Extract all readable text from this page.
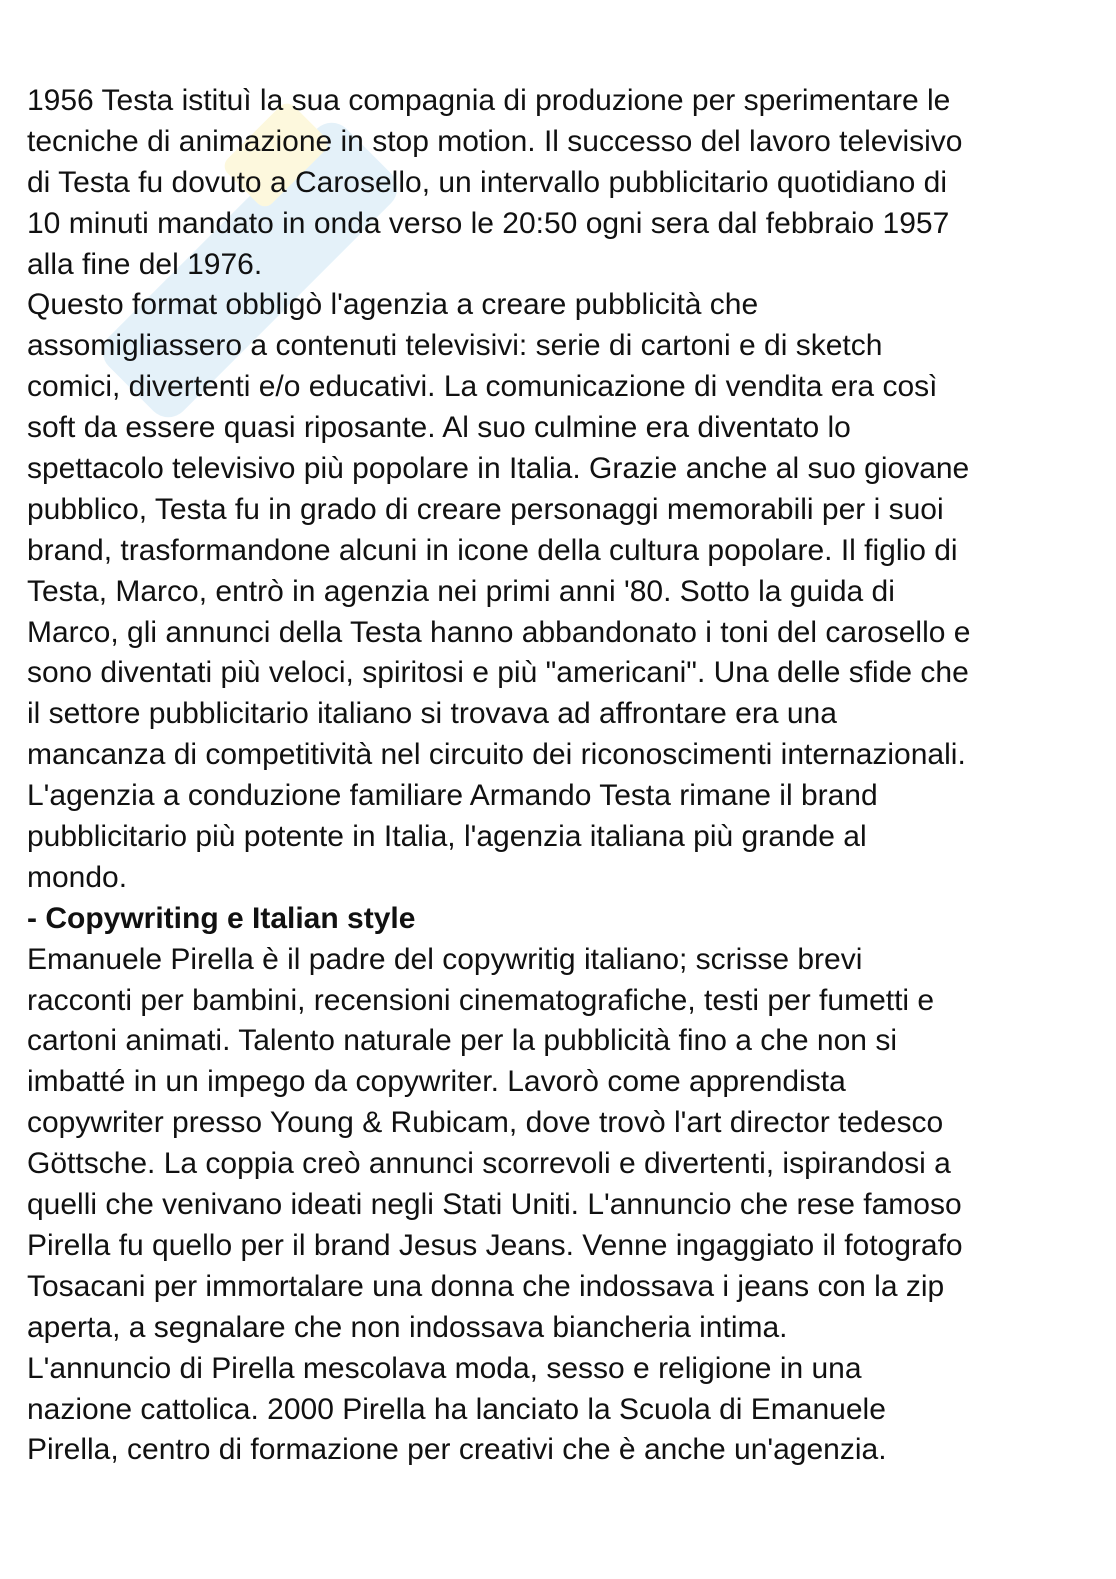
1956 Testa istituì la sua compagnia di produzione per sperimentare le
tecniche di animazione in stop motion. Il successo del lavoro televisivo
di Testa fu dovuto a Carosello, un intervallo pubblicitario quotidiano di
10 minuti mandato in onda verso le 20:50 ogni sera dal febbraio 1957
alla fine del 1976.
Questo format obbligò l'agenzia a creare pubblicità che
assomigliassero a contenuti televisivi: serie di cartoni e di sketch
comici, divertenti e/o educativi. La comunicazione di vendita era così
soft da essere quasi riposante. Al suo culmine era diventato lo
spettacolo televisivo più popolare in Italia. Grazie anche al suo giovane
pubblico, Testa fu in grado di creare personaggi memorabili per i suoi
brand, trasformandone alcuni in icone della cultura popolare. Il figlio di
Testa, Marco, entrò in agenzia nei primi anni '80. Sotto la guida di
Marco, gli annunci della Testa hanno abbandonato i toni del carosello e
sono diventati più veloci, spiritosi e più "americani". Una delle sfide che
il settore pubblicitario italiano si trovava ad affrontare era una
mancanza di competitività nel circuito dei riconoscimenti internazionali.
L'agenzia a conduzione familiare Armando Testa rimane il brand
pubblicitario più potente in Italia, l'agenzia italiana più grande al
mondo.
- Copywriting e Italian style
Emanuele Pirella è il padre del copywritig italiano; scrisse brevi
racconti per bambini, recensioni cinematografiche, testi per fumetti e
cartoni animati. Talento naturale per la pubblicità fino a che non si
imbatté in un impego da copywriter. Lavorò come apprendista
copywriter presso Young & Rubicam, dove trovò l'art director tedesco
Göttsche. La coppia creò annunci scorrevoli e divertenti, ispirandosi a
quelli che venivano ideati negli Stati Uniti. L'annuncio che rese famoso
Pirella fu quello per il brand Jesus Jeans. Venne ingaggiato il fotografo
Tosacani per immortalare una donna che indossava i jeans con la zip
aperta, a segnalare che non indossava biancheria intima.
L'annuncio di Pirella mescolava moda, sesso e religione in una
nazione cattolica. 2000 Pirella ha lanciato la Scuola di Emanuele
Pirella, centro di formazione per creativi che è anche un'agenzia.
